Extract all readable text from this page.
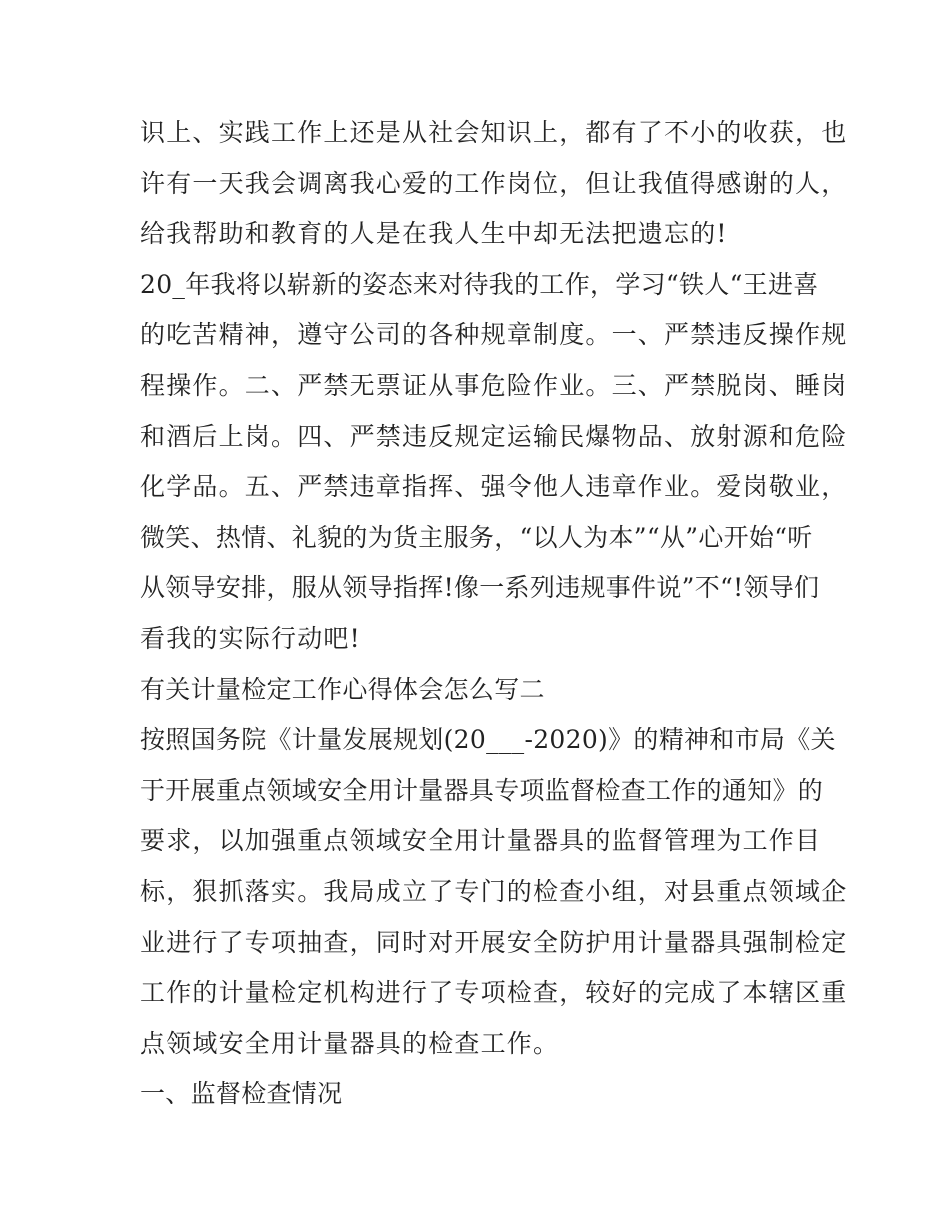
识上、实践工作上还是从社会知识上，都有了不小的收获，也
许有一天我会调离我心爱的工作岗位，但让我值得感谢的人，
给我帮助和教育的人是在我人生中却无法把遗忘的!
20_年我将以崭新的姿态来对待我的工作，学习“铁人“王进喜
的吃苦精神，遵守公司的各种规章制度。一、严禁违反操作规
程操作。二、严禁无票证从事危险作业。三、严禁脱岗、睡岗
和酒后上岗。四、严禁违反规定运输民爆物品、放射源和危险
化学品。五、严禁违章指挥、强令他人违章作业。爱岗敬业，
微笑、热情、礼貌的为货主服务，“以人为本”“从”心开始“听
从领导安排，服从领导指挥!像一系列违规事件说”不“!领导们
看我的实际行动吧!
有关计量检定工作心得体会怎么写二
按照国务院《计量发展规划(20___-2020)》的精神和市局《关
于开展重点领域安全用计量器具专项监督检查工作的通知》的
要求，以加强重点领域安全用计量器具的监督管理为工作目
标，狠抓落实。我局成立了专门的检查小组，对县重点领域企
业进行了专项抽查，同时对开展安全防护用计量器具强制检定
工作的计量检定机构进行了专项检查，较好的完成了本辖区重
点领域安全用计量器具的检查工作。
一、监督检查情况
